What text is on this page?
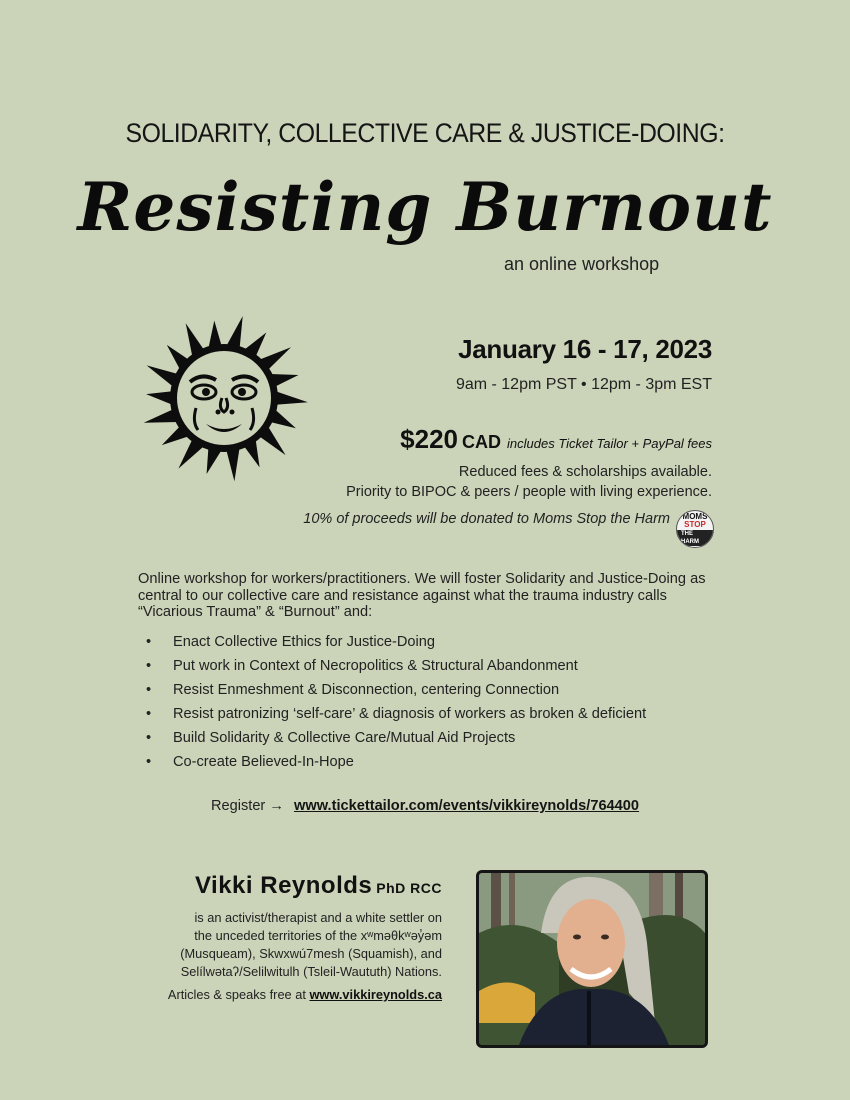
SOLIDARITY, COLLECTIVE CARE & JUSTICE-DOING:
Resisting Burnout
an online workshop
January 16 - 17, 2023
9am - 12pm PST • 12pm - 3pm EST
$220 CAD includes Ticket Tailor + PayPal fees
Reduced fees & scholarships available.
Priority to BIPOC & peers / people with living experience.
10% of proceeds will be donated to Moms Stop the Harm MOMS
STOP
THE HARM
Online workshop for workers/practitioners. We will foster Solidarity and Justice-Doing as central to our collective care and resistance against what the trauma industry calls “Vicarious Trauma” & “Burnout” and:
• Enact Collective Ethics for Justice-Doing
• Put work in Context of Necropolitics & Structural Abandonment
• Resist Enmeshment & Disconnection, centering Connection
• Resist patronizing ‘self-care’ & diagnosis of workers as broken & deficient
• Build Solidarity & Collective Care/Mutual Aid Projects
• Co-create Believed-In-Hope
Register → www.tickettailor.com/events/vikkireynolds/764400
Vikki Reynolds PhD RCC
is an activist/therapist and a white settler on
the unceded territories of the xʷməθkʷəy̓əm
(Musqueam), Skwxwú7mesh (Squamish), and
Selílwətaʔ/Selilwitulh (Tsleil-Waututh) Nations.
Articles & speaks free at www.vikkireynolds.ca
